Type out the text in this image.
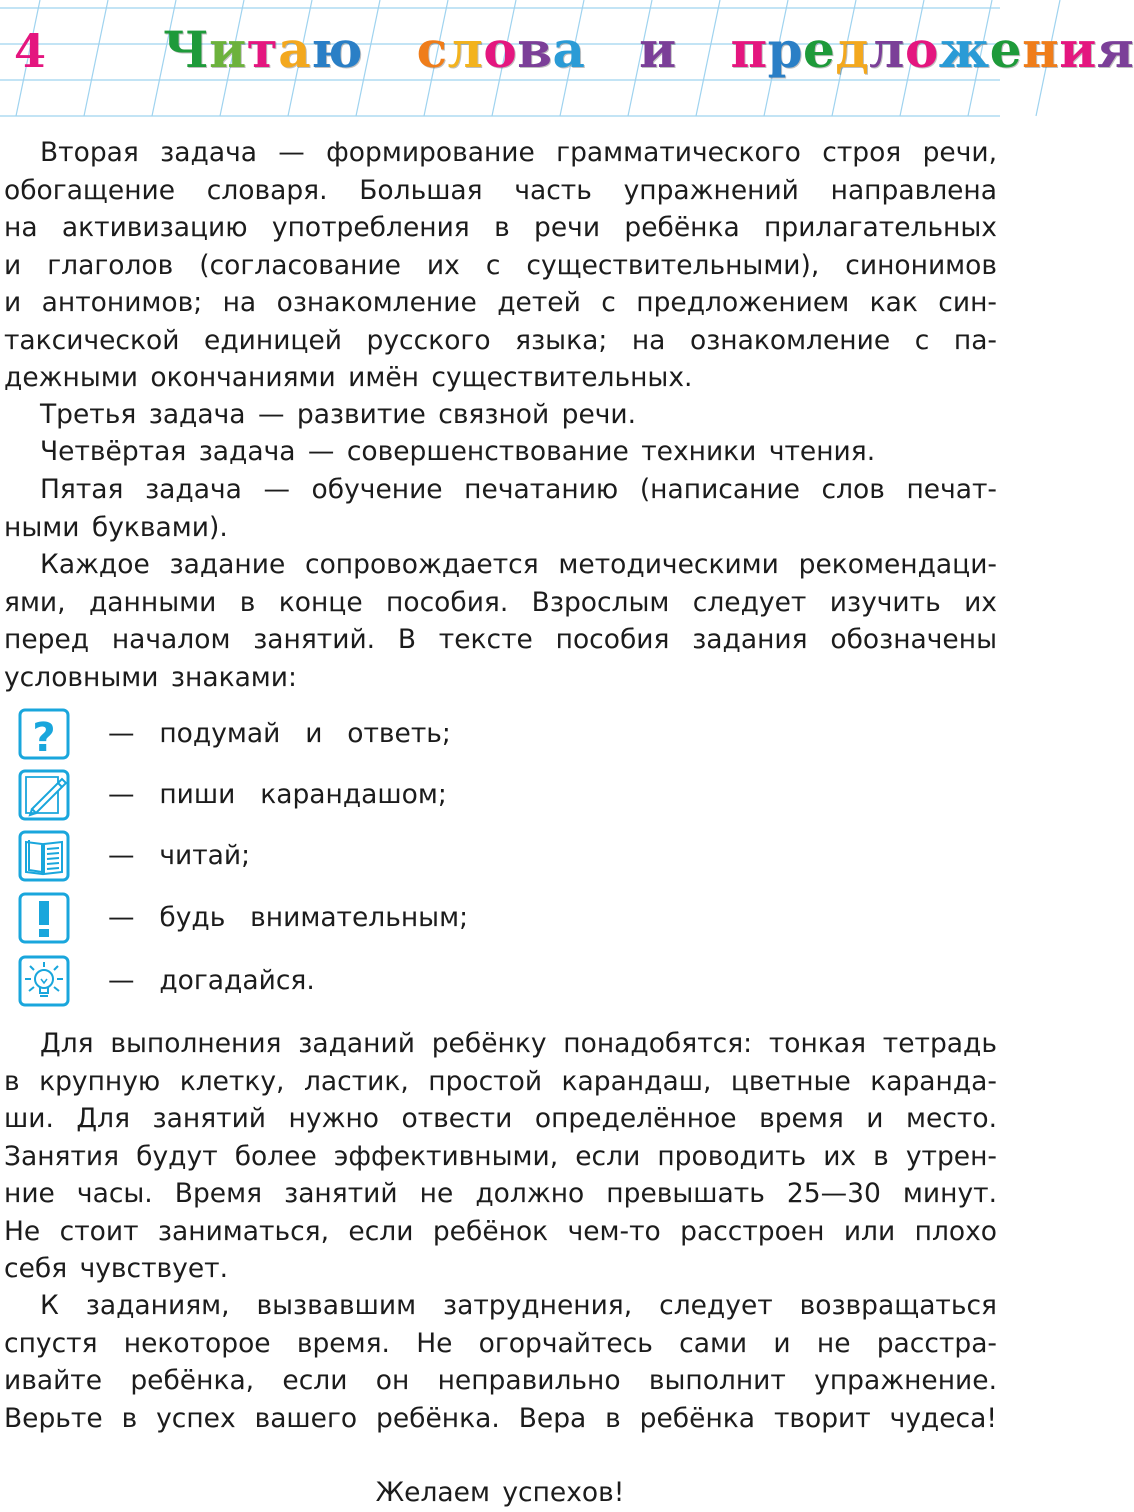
4 Читаю слова и предложения
Вторая задача — формирование грамматического строя речи,
обогащение словаря. Большая часть упражнений направлена
на активизацию употребления в речи ребёнка прилагательных
и глаголов (согласование их с существительными), синонимов
и антонимов; на ознакомление детей с предложением как син-
таксической единицей русского языка; на ознакомление с па-
дежными окончаниями имён существительных.
Третья задача — развитие связной речи.
Четвёртая задача — совершенствование техники чтения.
Пятая задача — обучение печатанию (написание слов печат-
ными буквами).
Каждое задание сопровождается методическими рекомендаци-
ями, данными в конце пособия. Взрослым следует изучить их
перед началом занятий. В тексте пособия задания обозначены
условными знаками:
? —  подумай  и  ответь;
—  пиши  карандашом;
—  читай;
—  будь  внимательным;
—  догадайся.
Для выполнения заданий ребёнку понадобятся: тонкая тетрадь
в крупную клетку, ластик, простой карандаш, цветные каранда-
ши. Для занятий нужно отвести определённое время и место.
Занятия будут более эффективными, если проводить их в утрен-
ние часы. Время занятий не должно превышать 25—30 минут.
Не стоит заниматься, если ребёнок чем-то расстроен или плохо
себя чувствует.
К заданиям, вызвавшим затруднения, следует возвращаться
спустя некоторое время. Не огорчайтесь сами и не расстра-
ивайте ребёнка, если он неправильно выполнит упражнение.
Верьте в успех вашего ребёнка. Вера в ребёнка творит чудеса!

Желаем успехов!
